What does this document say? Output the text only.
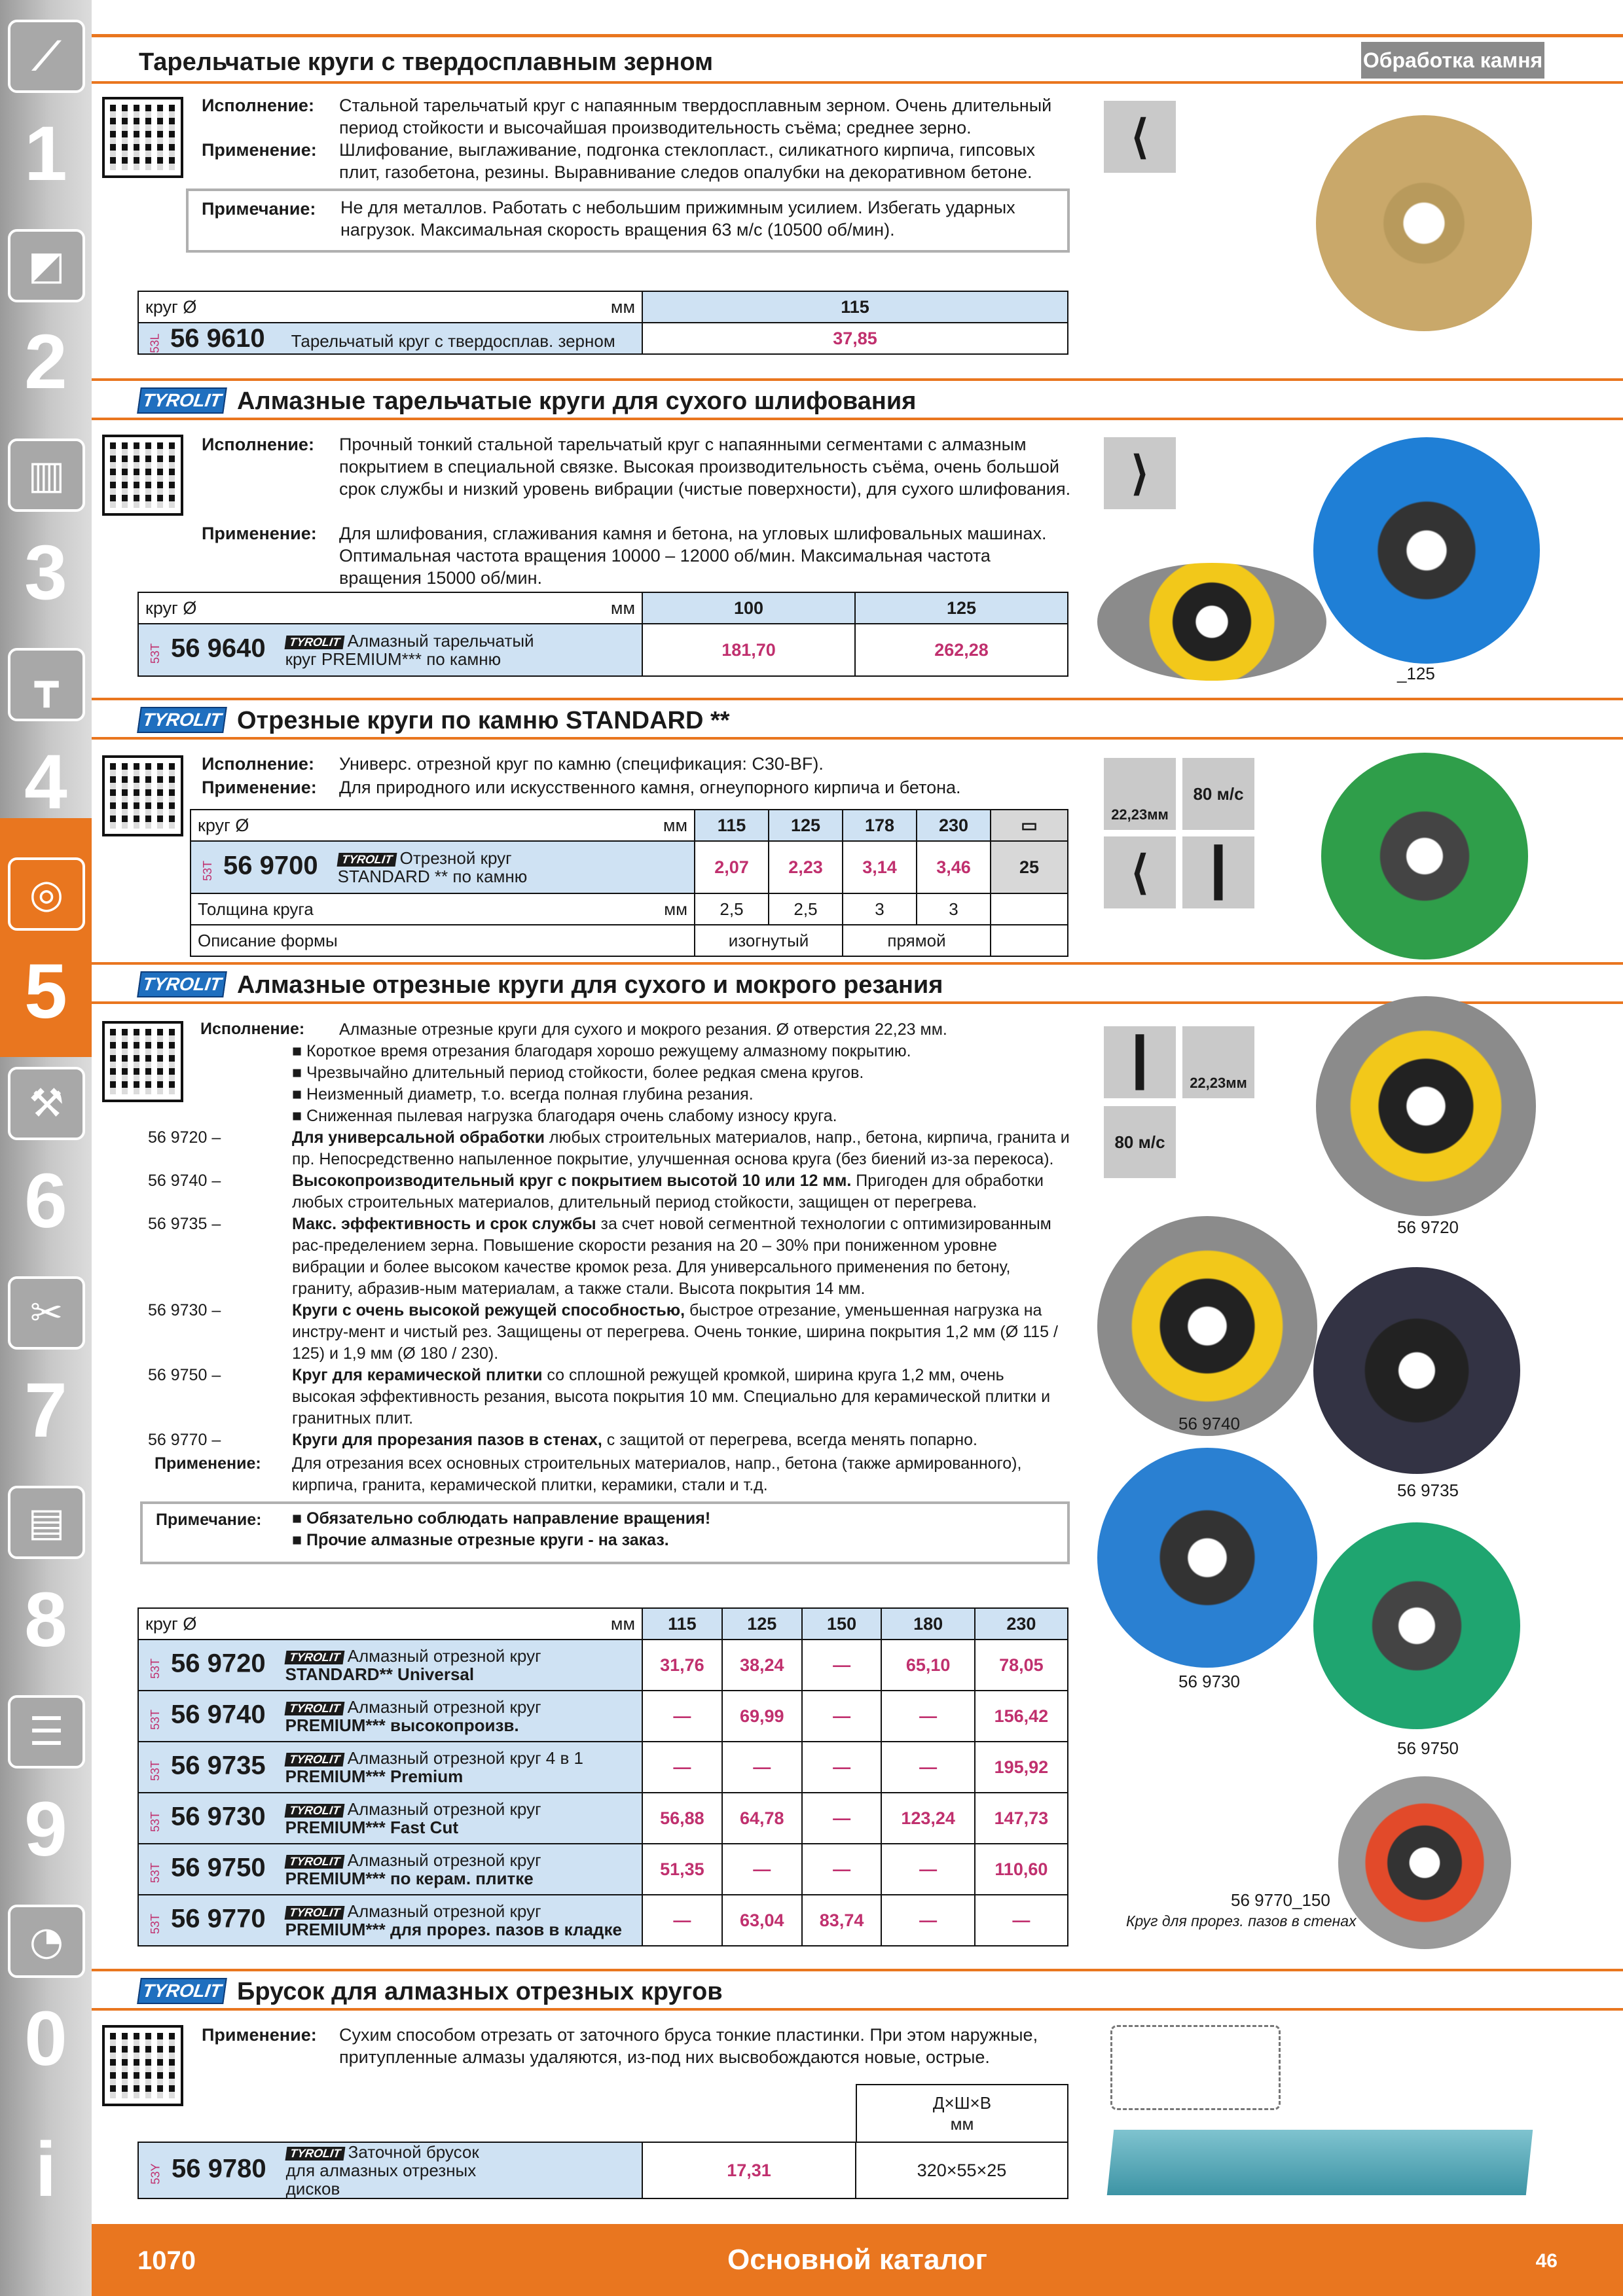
⟋
1
◩
2
▥
3
┳
4
◎
5
⚒
6
✂
7
▤
8
☰
9
◔
0
i
Тарельчатые круги с твердосплавным зерном	Обработка камня
Исполнение: Стальной тарельчатый круг с напаянным твердосплавным зерном. Очень длительный период стойкости и высочайшая производительность съёма; среднее зерно.
Применение: Шлифование, выглаживание, подгонка стеклопласт., силикатного кирпича, гипсовых плит, газобетона, резины. Выравнивание следов опалубки на декоративном бетоне.
Примечание: Не для металлов. Работать с небольшим прижимным усилием. Избегать ударных нагрузок. Максимальная скорость вращения 63 м/с (10500 об/мин).
⟨
круг Ø мм	115
53L 56 9610 Тарельчатый круг с твердосплав. зерном	37,85
TYROLIT Алмазные тарельчатые круги для сухого шлифования
Исполнение: Прочный тонкий стальной тарельчатый круг с напаянными сегментами с алмазным покрытием в специальной связке. Высокая производительность съёма, очень большой срок службы и низкий уровень вибрации (чистые поверхности), для сухого шлифования.
Применение: Для шлифования, сглаживания камня и бетона, на угловых шлифовальных машинах. Оптимальная частота вращения 10000 – 12000 об/мин. Максимальная частота вращения 15000 об/мин.
⟩
_125
круг Ø мм	100	125
53T 56 9640 TYROLIT Алмазный тарельчатый круг PREMIUM*** по камню	181,70	262,28
TYROLIT Отрезные круги по камню STANDARD **
Исполнение: Универс. отрезной круг по камню (спецификация: C30-BF).
Применение: Для природного или искусственного камня, огнеупорного кирпича и бетона.
22,23мм
80 м/с
⟨	┃
круг Ø мм	115	125	178	230	▭
53T 56 9700 TYROLIT Отрезной круг STANDARD ** по камню	2,07	2,23	3,14	3,46	25
Толщина круга мм	2,5	2,5	3	3	
Описание формы	изогнутый		прямой		
TYROLIT Алмазные отрезные круги для сухого и мокрого резания
Исполнение: Алмазные отрезные круги для сухого и мокрого резания. Ø отверстия 22,23 мм.
■ Короткое время отрезания благодаря хорошо режущему алмазному покрытию.
■ Чрезвычайно длительный период стойкости, более редкая смена кругов.
■ Неизменный диаметр, т.о. всегда полная глубина резания.
■ Сниженная пылевая нагрузка благодаря очень слабому износу круга.
56 9720 –	Для универсальной обработки любых строительных материалов, напр., бетона, кирпича, гранита и пр. Непосредственно напыленное покрытие, улучшенная основа круга (без биений из-за перекоса).
56 9740 –	Высокопроизводительный круг с покрытием высотой 10 или 12 мм. Пригоден для обработки любых строительных материалов, длительный период стойкости, защищен от перегрева.
56 9735 –	Макс. эффективность и срок службы за счет новой сегментной технологии с оптимизированным рас-пределением зерна. Повышение скорости резания на 20 – 30% при пониженном уровне вибрации и более высоком качестве кромок реза. Для универсального применения по бетону, граниту, абразив-ным материалам, а также стали. Высота покрытия 14 мм.
56 9730 –	Круги с очень высокой режущей способностью, быстрое отрезание, уменьшенная нагрузка на инстру-мент и чистый рез. Защищены от перегрева. Очень тонкие, ширина покрытия 1,2 мм (Ø 115 / 125) и 1,9 мм (Ø 180 / 230).
56 9750 –	Круг для керамической плитки со сплошной режущей кромкой, ширина круга 1,2 мм, очень высокая эффективность резания, высота покрытия 10 мм. Специально для керамической плитки и гранитных плит.
56 9770 –	Круги для прорезания пазов в стенах, с защитой от перегрева, всегда менять попарно.
Применение: Для отрезания всех основных строительных материалов, напр., бетона (также армированного), кирпича, гранита, керамической плитки, керамики, стали и т.д.
Примечание: ■ Обязательно соблюдать направление вращения!
■ Прочие алмазные отрезные круги - на заказ.
┃	22,23мм
80 м/с
56 9720
56 9740
56 9735
56 9730
56 9750
56 9770_150
Круг для прорез. пазов в стенах
круг Ø мм	115	125	150	180	230
53T 56 9720 TYROLIT Алмазный отрезной круг
STANDARD** Universal	31,76	38,24	—	65,10	78,05
53T 56 9740 TYROLIT Алмазный отрезной круг
PREMIUM*** высокопроизв.	—	69,99	—	—	156,42
53T 56 9735 TYROLIT Алмазный отрезной круг 4 в 1
PREMIUM*** Premium	—	—	—	—	195,92
53T 56 9730 TYROLIT Алмазный отрезной круг
PREMIUM*** Fast Cut	56,88	64,78	—	123,24	147,73
53T 56 9750 TYROLIT Алмазный отрезной круг
PREMIUM*** по керам. плитке	51,35	—	—	—	110,60
53T 56 9770 TYROLIT Алмазный отрезной круг
PREMIUM*** для прорез. пазов в кладке	—	63,04	83,74	—	—
TYROLIT Брусок для алмазных отрезных кругов
Применение: Сухим способом отрезать от заточного бруса тонкие пластинки. При этом наружные, притупленные алмазы удаляются, из-под них высвобождаются новые, острые.

Д×Ш×В
мм
53Y 56 9780TYROLIT Заточной брусок для алмазных отрезных дисков	17,31	320×55×25
1070	Основной каталог	46
